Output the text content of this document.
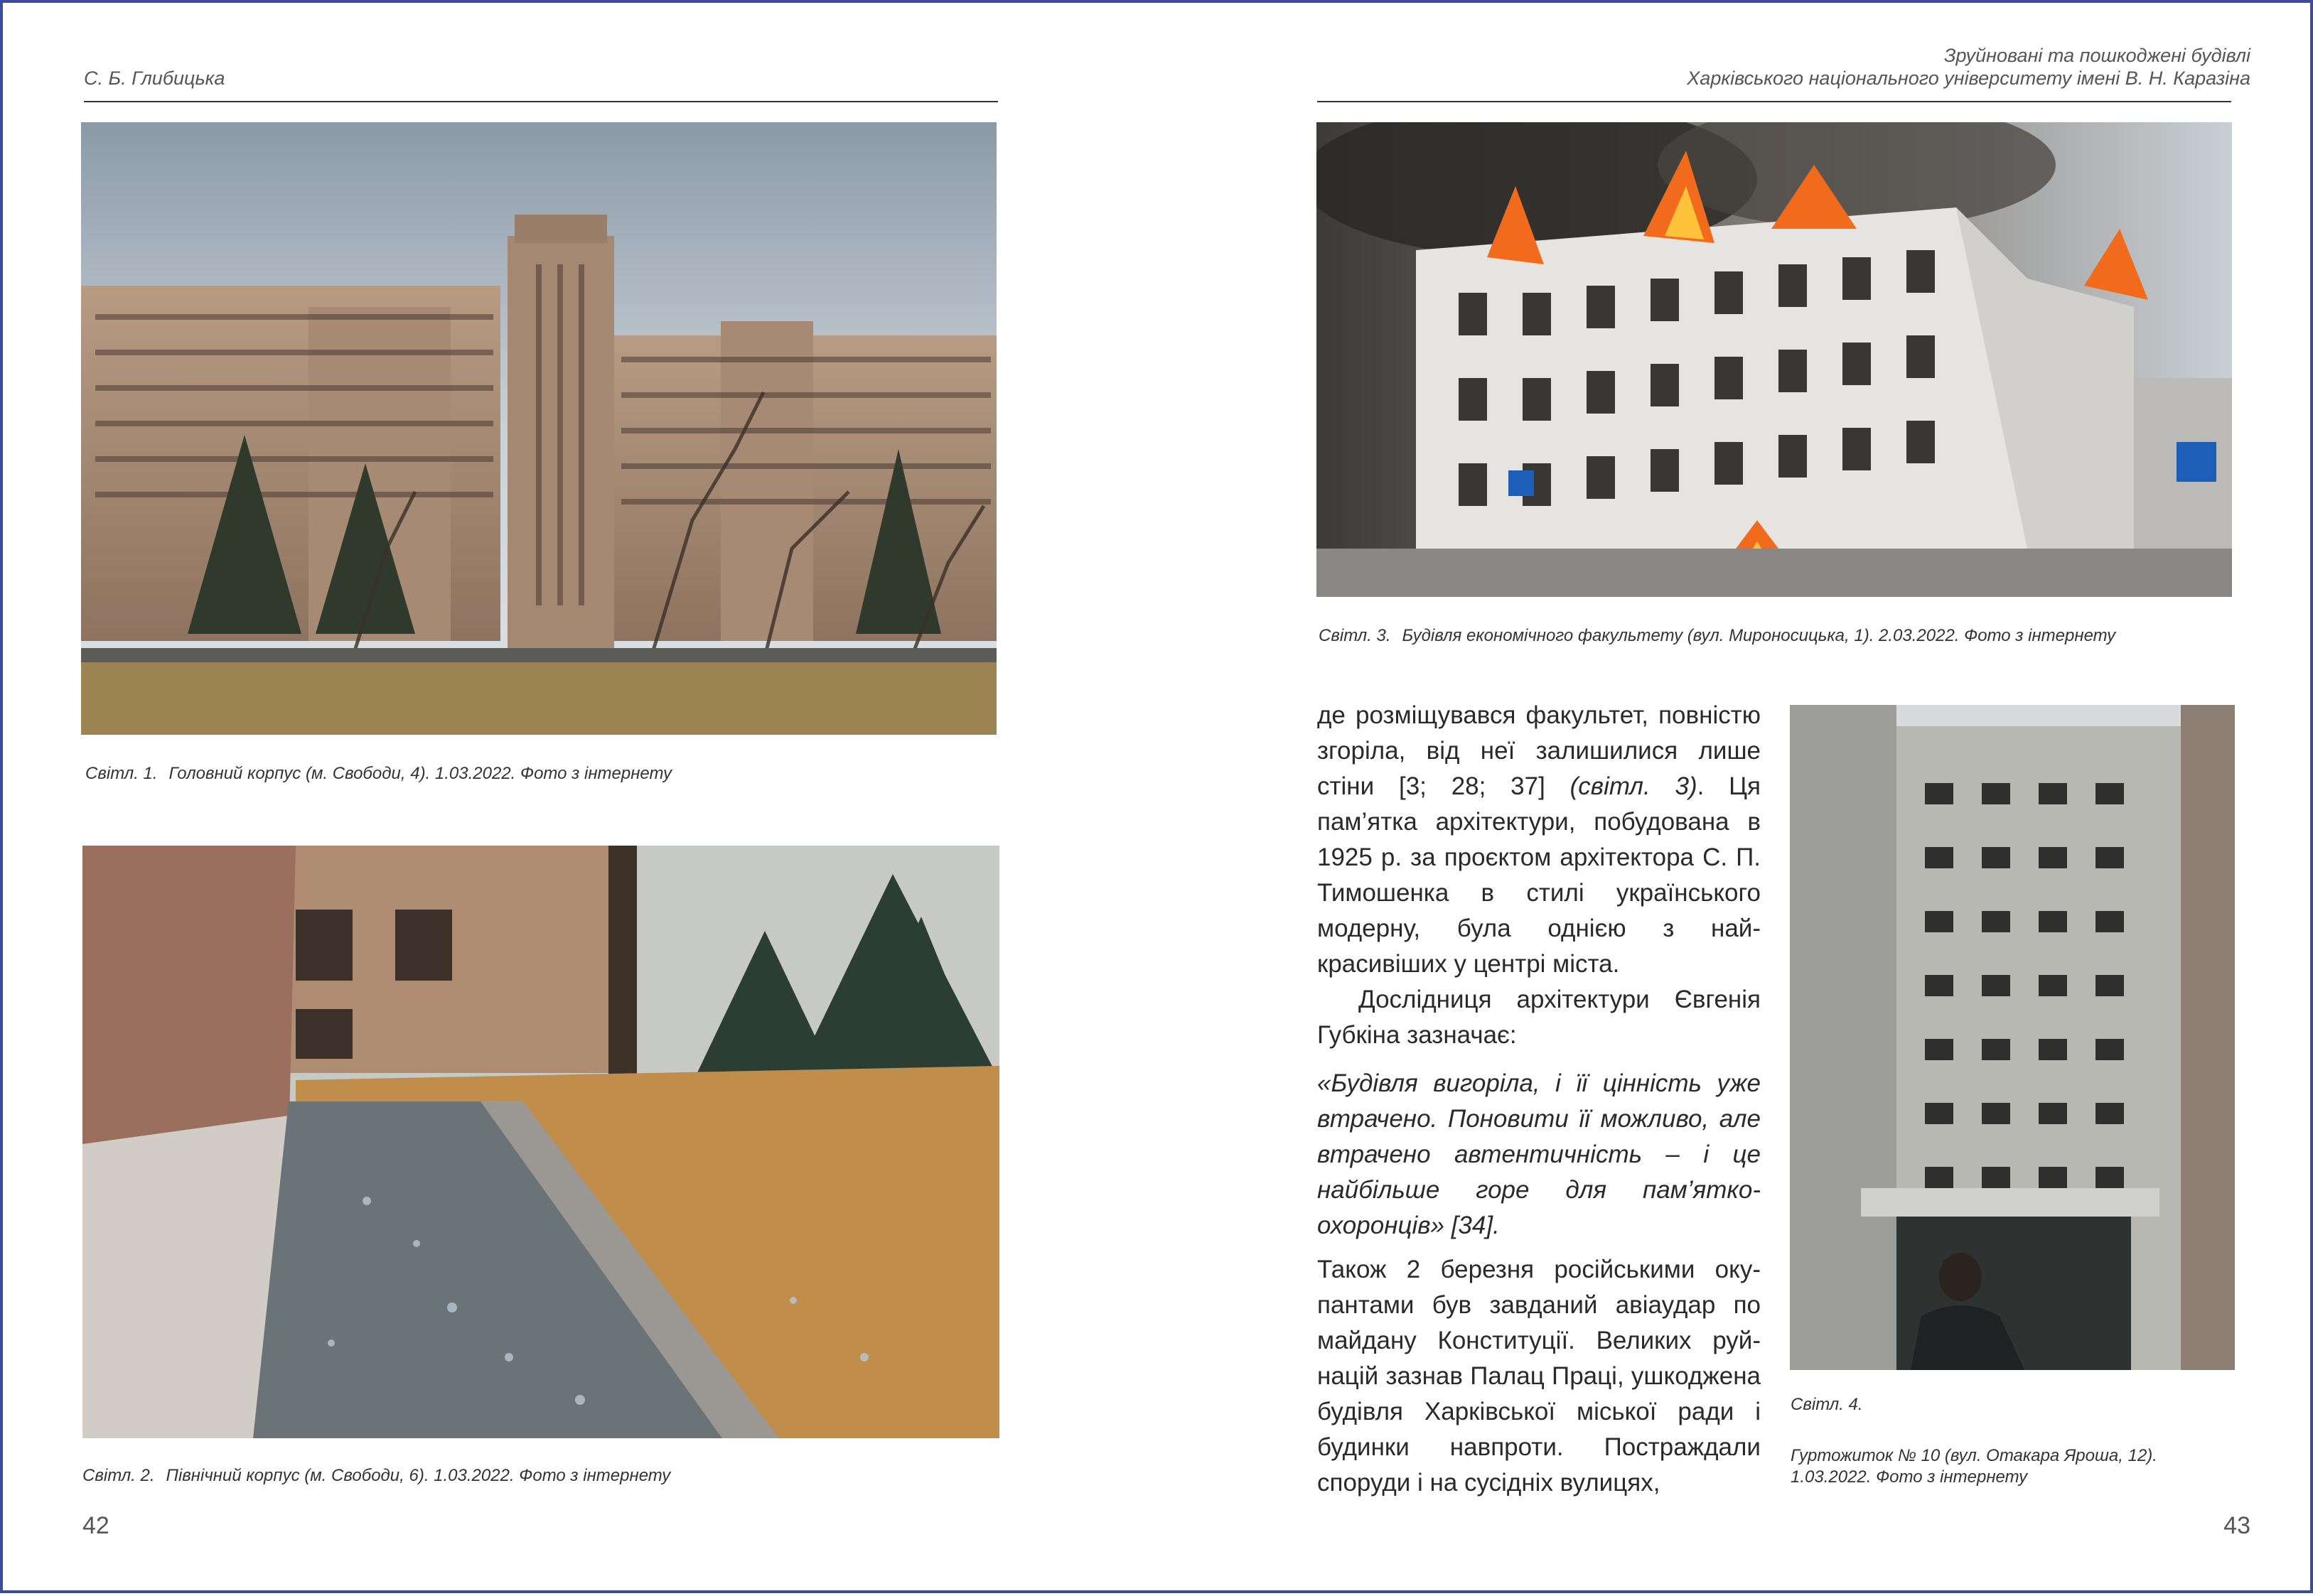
С. Б. Глибицька
Світл. 1. Головний корпус (м. Свободи, 4). 1.03.2022. Фото з інтернету
Світл. 2. Північний корпус (м. Свободи, 6). 1.03.2022. Фото з інтернету
42
Зруйновані та пошкоджені будівлі
Харківського національного університету імені В. Н. Каразіна
Світл. 3. Будівля економічного факультету (вул. Мироносицька, 1). 2.03.2022. Фото з інтернету

де розміщувався факультет, повністю згоріла, від неї залишилися лише стіни [3; 28; 37] (світл. 3). Ця пам’ятка архітектури, побудована в 1925 р. за проєктом архітектора С. П. Тимошенка в стилі українського модерну, була однією з найкрасивіших у центрі міста.

Дослідниця архітектури Євгенія Губкіна зазначає:

«Будівля вигоріла, і її цінність уже втрачено. Поновити її можливо, але втрачено автентичність – і це найбільше горе для пам’яткоохоронців» [34].

Також 2 березня російськими окупантами був завданий авіаудар по майдану Конституції. Великих руйнацій зазнав Палац Праці, ушкоджена будівля Харківської міської ради і будинки навпроти. Постраждали споруди і на сусідніх вулицях,

Світл. 4.
Гуртожиток № 10 (вул. Отакара Яроша, 12).
1.03.2022. Фото з інтернету
43
